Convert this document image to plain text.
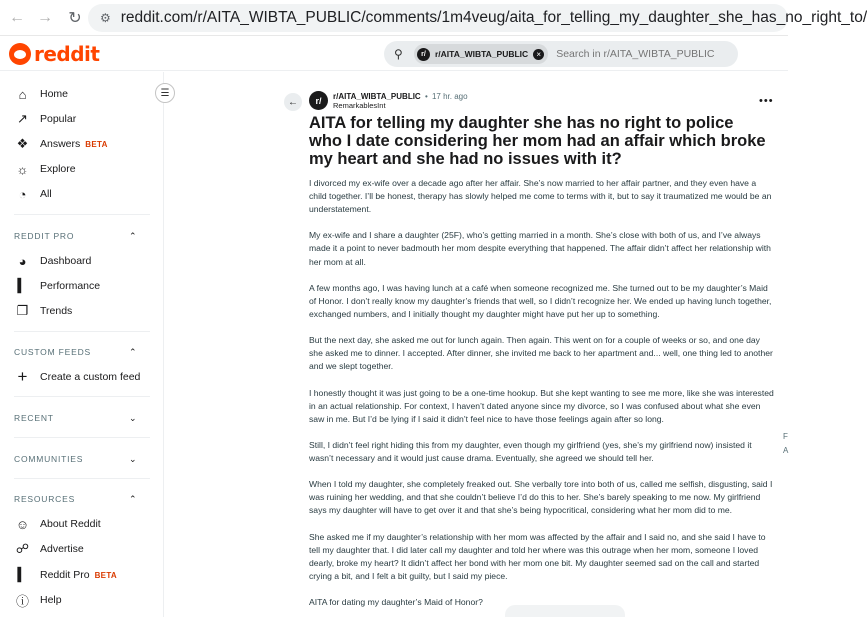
← → ↻	⚙ reddit.com/r/AITA_WIBTA_PUBLIC/comments/1m4veug/aita_for_telling_my_daughter_she_has_no_right_to/
reddit	⚲	r/	r/AITA_WIBTA_PUBLIC	×	Search in r/AITA_WIBTA_PUBLIC
⌂	Home
↗ Popular
❖ Answers BETA
☼ Explore
◔	All
REDDIT PRO	⌃
◕	Dashboard
▍ Performance
❐ Trends
CUSTOM FEEDS	⌃
+ Create a custom feed
RECENT	⌄
COMMUNITIES	⌄
RESOURCES	⌃
☺ About Reddit
☍ Advertise
▍ Reddit Pro BETA
ⓘ Help
☰
←	r/	r/AITA_WIBTA_PUBLIC • 17 hr. ago
RemarkablesInt	•••
AITA for telling my daughter she has no right to police who I date considering her mom had an affair which broke my heart and she had no issues with it?

I divorced my ex-wife over a decade ago after her affair. She’s now married to her affair partner, and they even have a child together. I’ll be honest, therapy has slowly helped me come to terms with it, but to say it traumatized me would be an understatement.

My ex-wife and I share a daughter (25F), who’s getting married in a month. She’s close with both of us, and I’ve always made it a point to never badmouth her mom despite everything that happened. The affair didn’t affect her relationship with her mom at all.

A few months ago, I was having lunch at a café when someone recognized me. She turned out to be my daughter’s Maid of Honor. I don’t really know my daughter’s friends that well, so I didn’t recognize her. We ended up having lunch together, exchanged numbers, and I initially thought my daughter might have put her up to something.

But the next day, she asked me out for lunch again. Then again. This went on for a couple of weeks or so, and one day she asked me to dinner. I accepted. After dinner, she invited me back to her apartment and... well, one thing led to another and we slept together.

I honestly thought it was just going to be a one-time hookup. But she kept wanting to see me more, like she was interested in an actual relationship. For context, I haven’t dated anyone since my divorce, so I was confused about what she even saw in me. But I’d be lying if I said it didn’t feel nice to have those feelings again after so long.

Still, I didn’t feel right hiding this from my daughter, even though my girlfriend (yes, she’s my girlfriend now) insisted it wasn’t necessary and it would just cause drama. Eventually, she agreed we should tell her.

When I told my daughter, she completely freaked out. She verbally tore into both of us, called me selfish, disgusting, said I was ruining her wedding, and that she couldn’t believe I’d do this to her. She’s barely speaking to me now. My girlfriend says my daughter will have to get over it and that she’s being hypocritical, considering what her mom did to me.

She asked me if my daughter’s relationship with her mom was affected by the affair and I said no, and she said I have to tell my daughter that. I did later call my daughter and told her where was this outrage when her mom, someone I loved dearly, broke my heart? It didn’t affect her bond with her mom one bit. My daughter seemed sad on the call and started crying a bit, and I felt a bit guilty, but I said my piece.

AITA for dating my daughter’s Maid of Honor?

F
A
